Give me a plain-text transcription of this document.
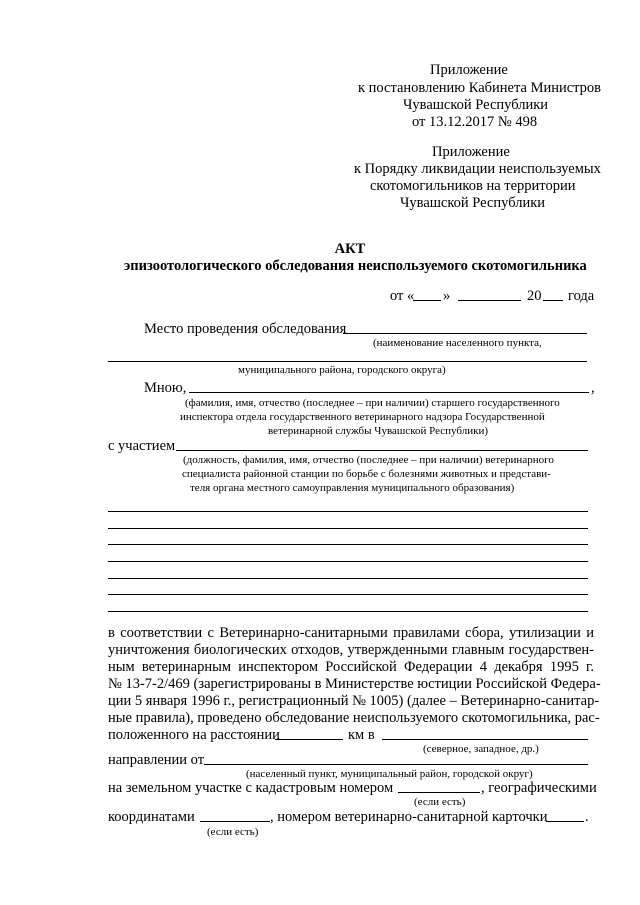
Приложение
к постановлению Кабинета Министров
Чувашской Республики
от 13.12.2017 № 498
Приложение
к Порядку ликвидации неиспользуемых
скотомогильников на территории
Чувашской Республики
АКТ
эпизоотологического обследования неиспользуемого скотомогильника
от « »	20 года
Место проведения обследования
(наименование населенного пункта,
муниципального района, городского округа)
Мною,	,
(фамилия, имя, отчество (последнее – при наличии) старшего государственного
инспектора отдела государственного ветеринарного надзора Государственной
ветеринарной службы Чувашской Республики)
с участием
(должность, фамилия, имя, отчество (последнее – при наличии) ветеринарного
специалиста районной станции по борьбе с болезнями животных и представи-
теля органа местного самоуправления муниципального образования)
в соответствии с Ветеринарно-санитарными правилами сбора, утилизации и
уничтожения биологических отходов, утвержденными главным государствен-
ным ветеринарным инспектором Российской Федерации 4 декабря 1995 г.
№ 13-7-2/469 (зарегистрированы в Министерстве юстиции Российской Федера-
ции 5 января 1996 г., регистрационный № 1005) (далее – Ветеринарно-санитар-
ные правила), проведено обследование неиспользуемого скотомогильника, рас-
положенного на расстоянии	км в
(северное, западное, др.)
направлении от
(населенный пункт, муниципальный район, городской округ)
на земельном участке с кадастровым номером	, географическими
(если есть)
координатами	, номером ветеринарно-санитарной карточки	.
(если есть)
